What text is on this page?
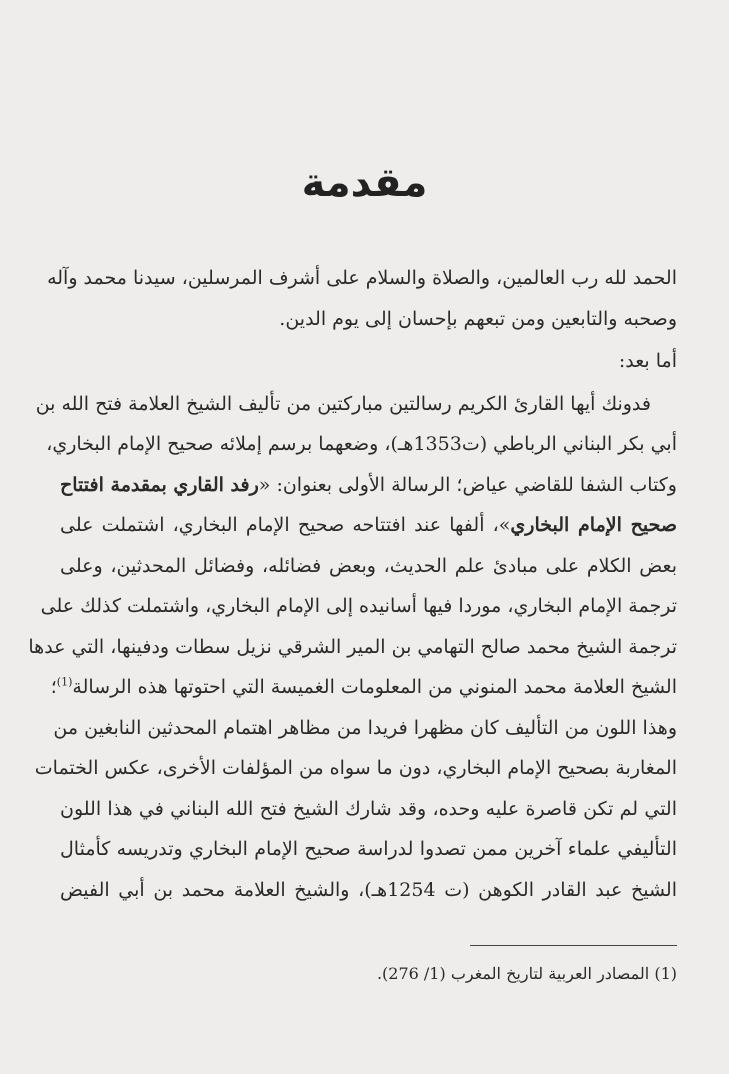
مقدمة
الحمد لله رب العالمين، والصلاة والسلام على أشرف المرسلين، سيدنا محمد وآله
وصحبه والتابعين ومن تبعهم بإحسان إلى يوم الدين.
أما بعد:
فدونك أيها القارئ الكريم رسالتين مباركتين من تأليف الشيخ العلامة فتح الله بن
أبي بكر البناني الرباطي (ت1353هـ)، وضعهما برسم إملائه صحيح الإمام البخاري،
وكتاب الشفا للقاضي عياض؛ الرسالة الأولى بعنوان: «رفد القاري بمقدمة افتتاح
صحيح الإمام البخاري»، ألفها عند افتتاحه صحيح الإمام البخاري، اشتملت على
بعض الكلام على مبادئ علم الحديث، وبعض فضائله، وفضائل المحدثين، وعلى
ترجمة الإمام البخاري، موردا فيها أسانيده إلى الإمام البخاري، واشتملت كذلك على
ترجمة الشيخ محمد صالح التهامي بن المير الشرقي نزيل سطات ودفينها، التي عدها
الشيخ العلامة محمد المنوني من المعلومات الغميسة التي احتوتها هذه الرسالة$^{(1)}$؛
وهذا اللون من التأليف كان مظهرا فريدا من مظاهر اهتمام المحدثين النابغين من
المغاربة بصحيح الإمام البخاري، دون ما سواه من المؤلفات الأخرى، عكس الختمات
التي لم تكن قاصرة عليه وحده، وقد شارك الشيخ فتح الله البناني في هذا اللون
التأليفي علماء آخرين ممن تصدوا لدراسة صحيح الإمام البخاري وتدريسه كأمثال
الشيخ عبد القادر الكوهن (ت 1254هـ)، والشيخ العلامة محمد بن أبي الفيض
(1) المصادر العربية لتاريخ المغرب (1/ 276).
